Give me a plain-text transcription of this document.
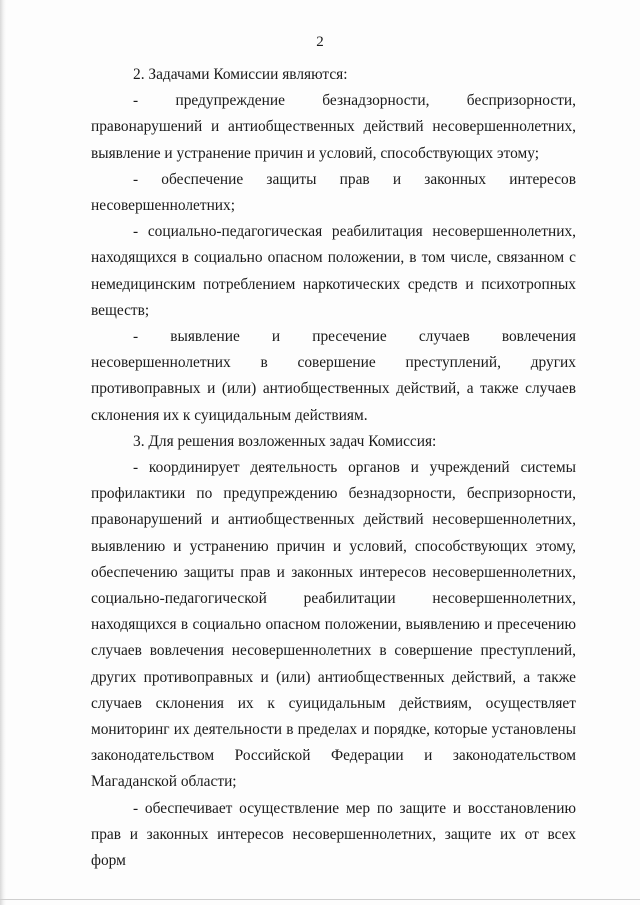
2

2. Задачами Комиссии являются:

- предупреждение безнадзорности, беспризорности, правонарушений и антиобщественных действий несовершеннолетних, выявление и устранение причин и условий, способствующих этому;

- обеспечение защиты прав и законных интересов несовершеннолетних;

- социально-педагогическая реабилитация несовершеннолетних, находящихся в социально опасном положении, в том числе, связанном с немедицинским потреблением наркотических средств и психотропных веществ;

- выявление и пресечение случаев вовлечения несовершеннолетних в совершение преступлений, других противоправных и (или) антиобщественных действий, а также случаев склонения их к суицидальным действиям.

3. Для решения возложенных задач Комиссия:

- координирует деятельность органов и учреждений системы профилактики по предупреждению безнадзорности, беспризорности, правонарушений и антиобщественных действий несовершеннолетних, выявлению и устранению причин и условий, способствующих этому, обеспечению защиты прав и законных интересов несовершеннолетних, социально-педагогической реабилитации несовершеннолетних, находящихся в социально опасном положении, выявлению и пресечению случаев вовлечения несовершеннолетних в совершение преступлений, других противоправных и (или) антиобщественных действий, а также случаев склонения их к суицидальным действиям, осуществляет мониторинг их деятельности в пределах и порядке, которые установлены законодательством Российской Федерации и законодательством Магаданской области;

- обеспечивает осуществление мер по защите и восстановлению прав и законных интересов несовершеннолетних, защите их от всех форм
